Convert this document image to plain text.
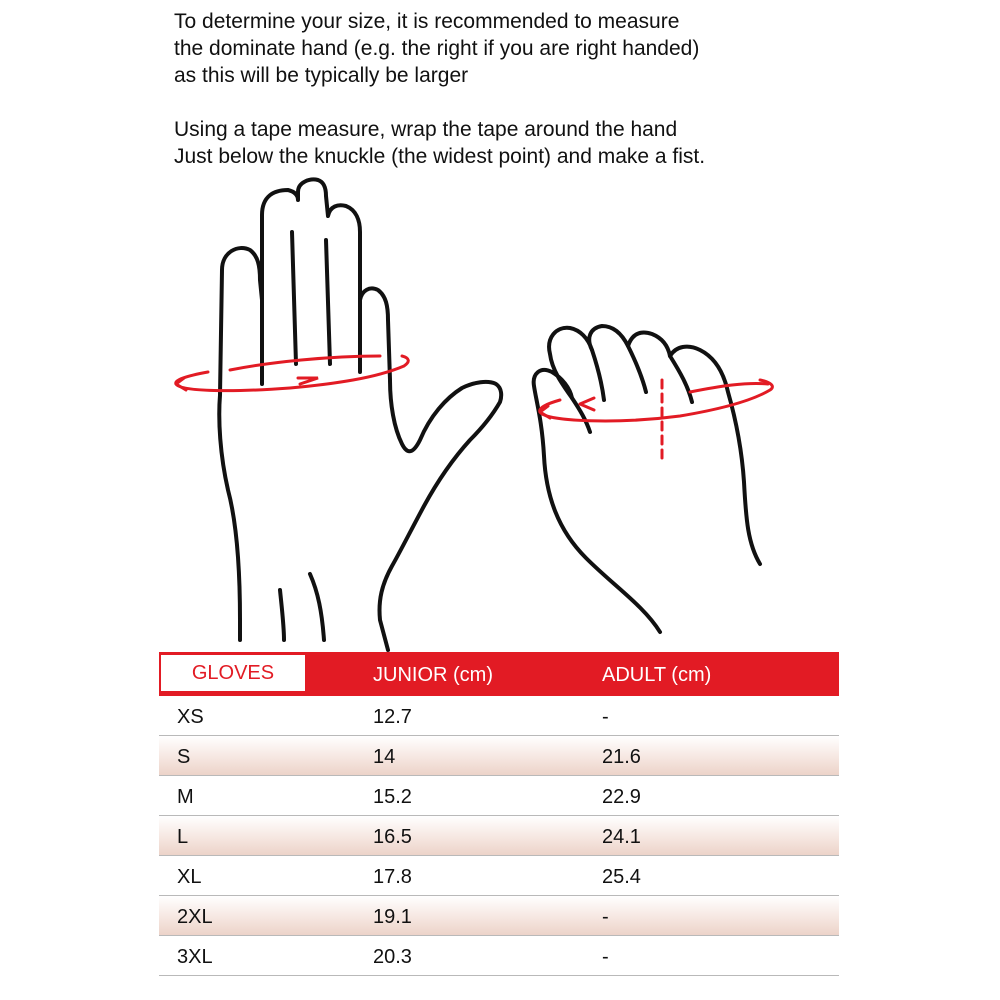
To determine your size, it is recommended to measure

the dominate hand (e.g. the right if you are right handed)

as this will be typically be larger

Using a tape measure, wrap the tape around the hand

Just below the knuckle (the widest point) and make a fist.

GLOVES	JUNIOR (cm)	ADULT (cm)
XS	12.7	-
S	14	21.6
M	15.2	22.9
L	16.5	24.1
XL	17.8	25.4
2XL	19.1	-
3XL	20.3	-
